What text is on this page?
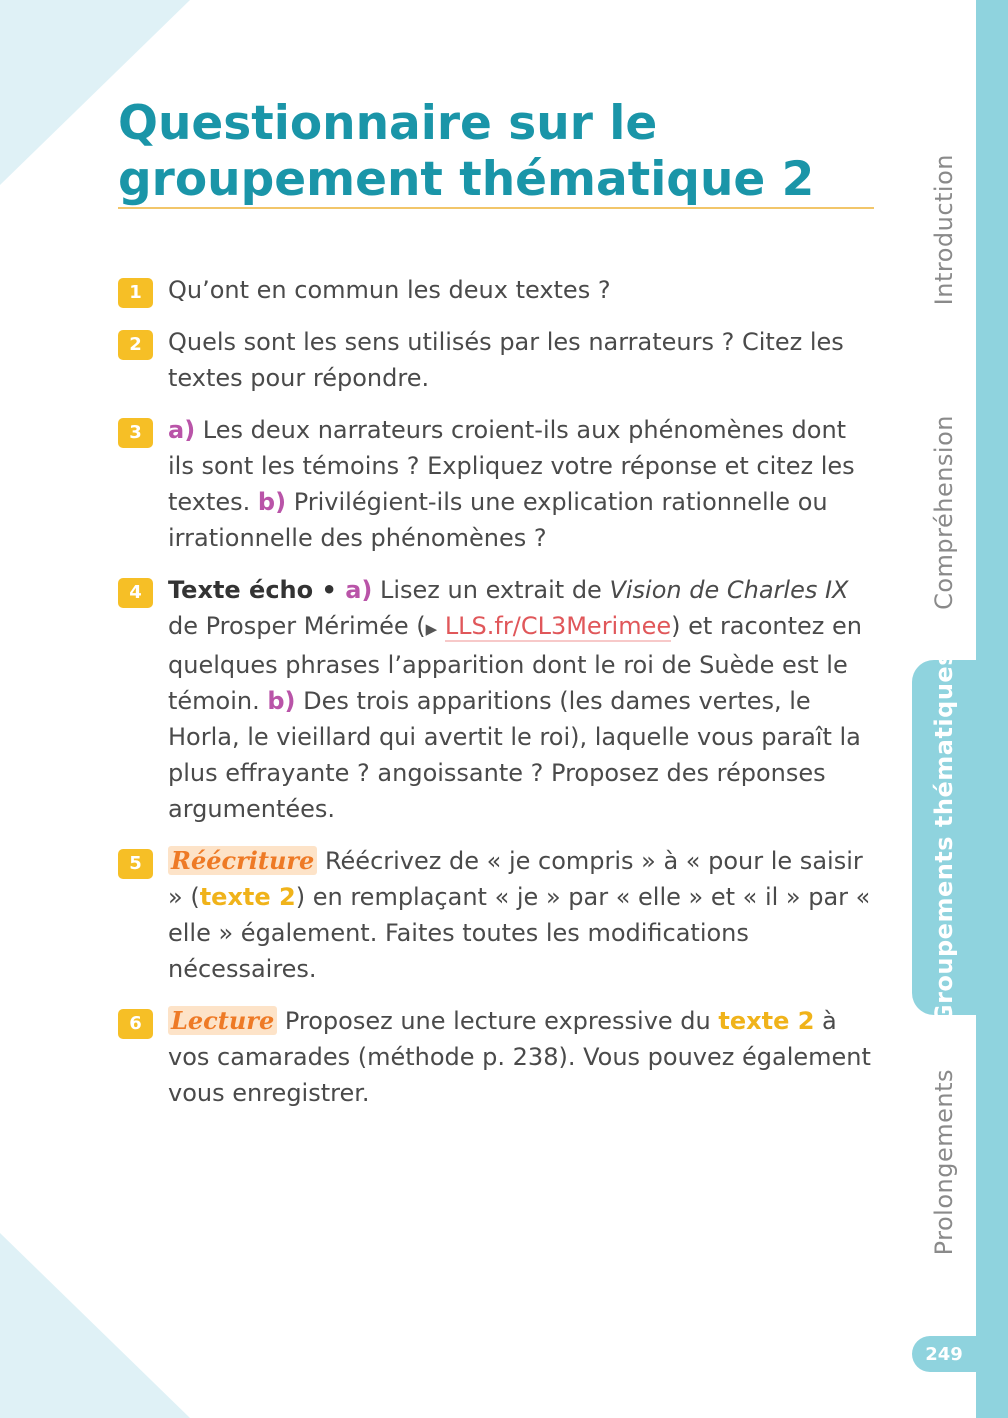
Introduction
Compréhension
Groupements thématiques
Prolongements
249
Questionnaire sur le groupement thématique 2
1	Qu’ont en commun les deux textes ?
2	Quels sont les sens utilisés par les narrateurs ? Citez les textes pour répondre.
3	a) Les deux narrateurs croient-ils aux phénomènes dont ils sont les témoins ? Expliquez votre réponse et citez les textes. b) Privilégient-ils une explication rationnelle ou irrationnelle des phénomènes ?
4	Texte écho • a) Lisez un extrait de Vision de Charles IX de Prosper Mérimée (▶ LLS.fr/CL3Merimee) et racontez en quelques phrases l’apparition dont le roi de Suède est le témoin. b) Des trois apparitions (les dames vertes, le Horla, le vieillard qui avertit le roi), laquelle vous paraît la plus effrayante ? angoissante ? Proposez des réponses argumentées.
5	Réécriture Réécrivez de « je compris » à « pour le saisir » (texte 2) en remplaçant « je » par « elle » et « il » par « elle » également. Faites toutes les modifications nécessaires.
6	Lecture Proposez une lecture expressive du texte 2 à vos camarades (méthode p. 238). Vous pouvez également vous enregistrer.
